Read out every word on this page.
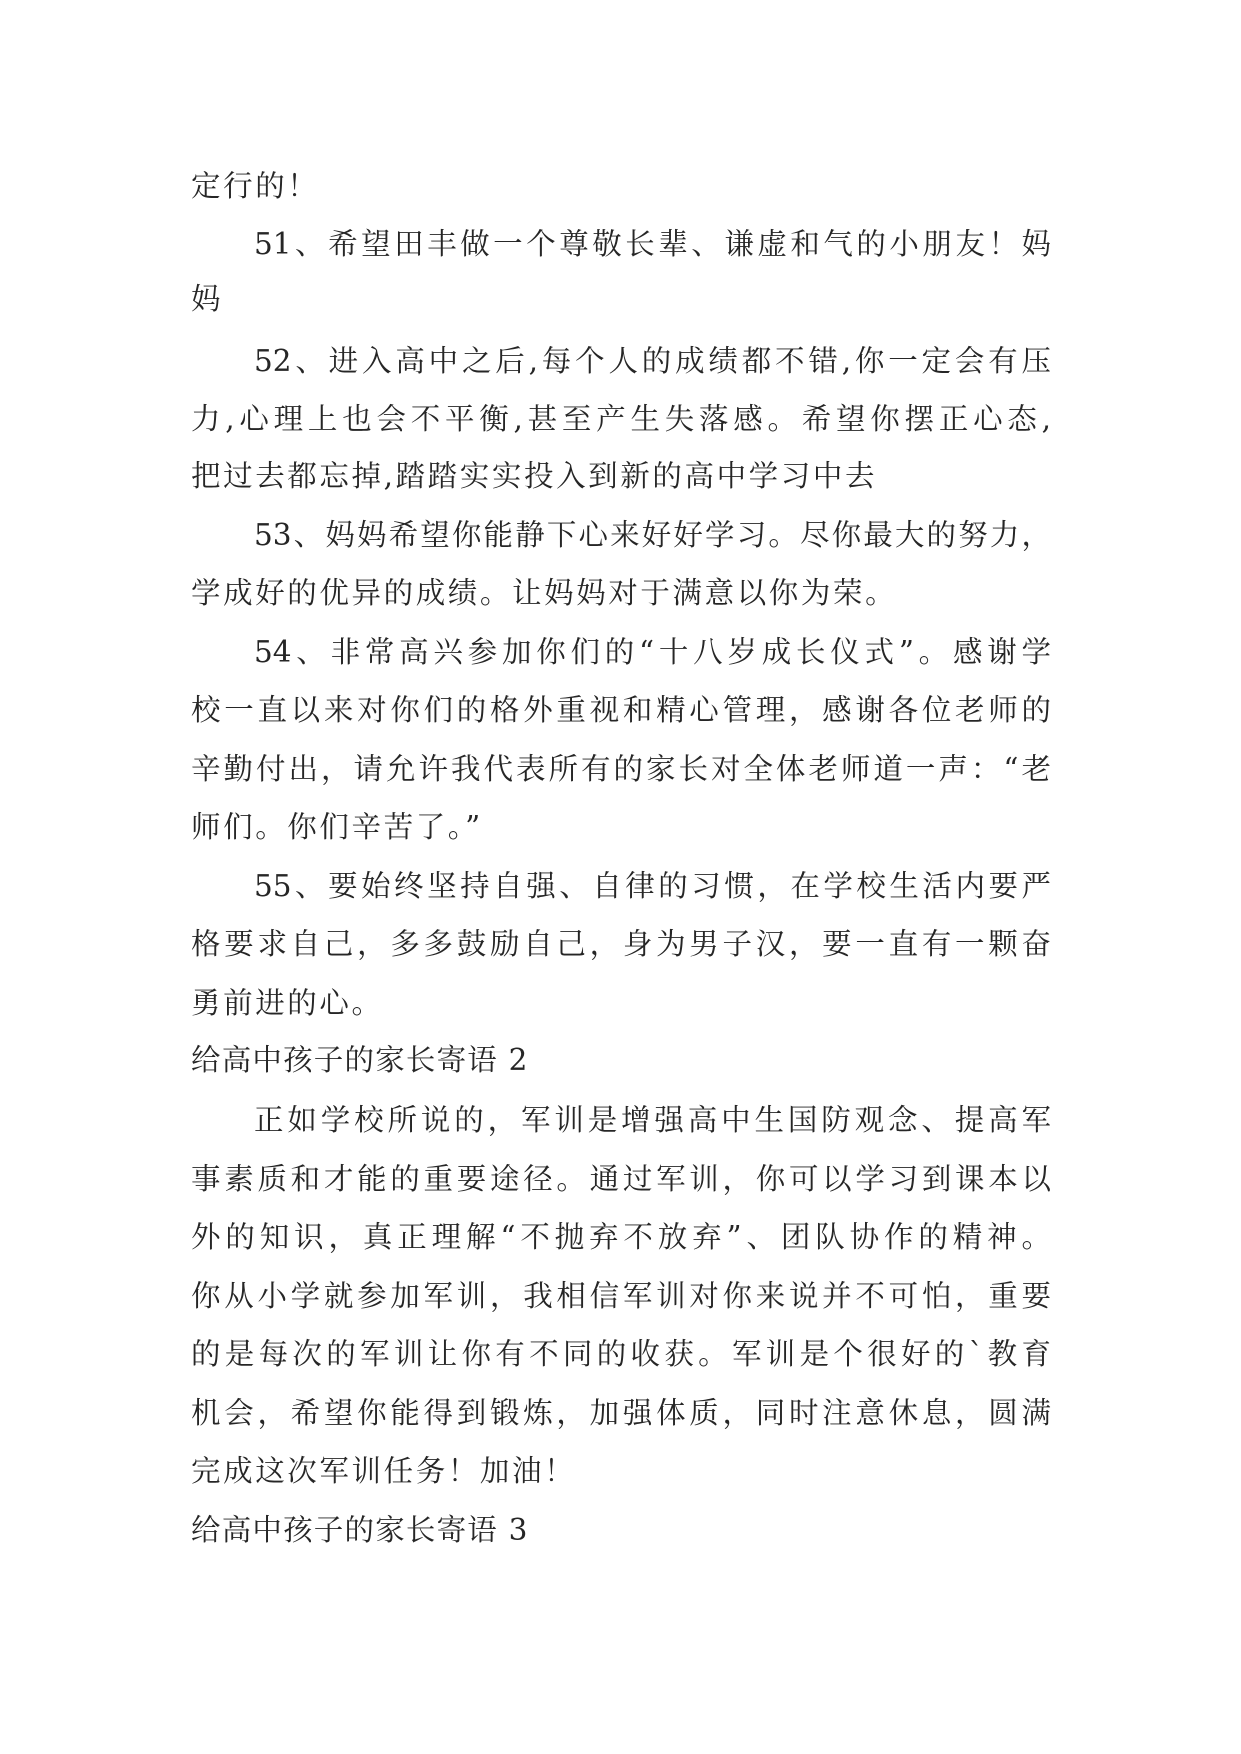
定行的！
51、希望田丰做一个尊敬长辈、谦虚和气的小朋友！妈
妈
52、进入高中之后,每个人的成绩都不错,你一定会有压
力,心理上也会不平衡,甚至产生失落感。希望你摆正心态,
把过去都忘掉,踏踏实实投入到新的高中学习中去
53、妈妈希望你能静下心来好好学习。尽你最大的努力，
学成好的优异的成绩。让妈妈对于满意以你为荣。
54、非常高兴参加你们的“十八岁成长仪式”。感谢学
校一直以来对你们的格外重视和精心管理，感谢各位老师的
辛勤付出，请允许我代表所有的家长对全体老师道一声：“老
师们。你们辛苦了。”
55、要始终坚持自强、自律的习惯，在学校生活内要严
格要求自己，多多鼓励自己，身为男子汉，要一直有一颗奋
勇前进的心。
给高中孩子的家长寄语 2
正如学校所说的，军训是增强高中生国防观念、提高军
事素质和才能的重要途径。通过军训，你可以学习到课本以
外的知识，真正理解“不抛弃不放弃”、团队协作的精神。
你从小学就参加军训，我相信军训对你来说并不可怕，重要
的是每次的军训让你有不同的收获。军训是个很好的`教育
机会，希望你能得到锻炼，加强体质，同时注意休息，圆满
完成这次军训任务！加油！
给高中孩子的家长寄语 3
